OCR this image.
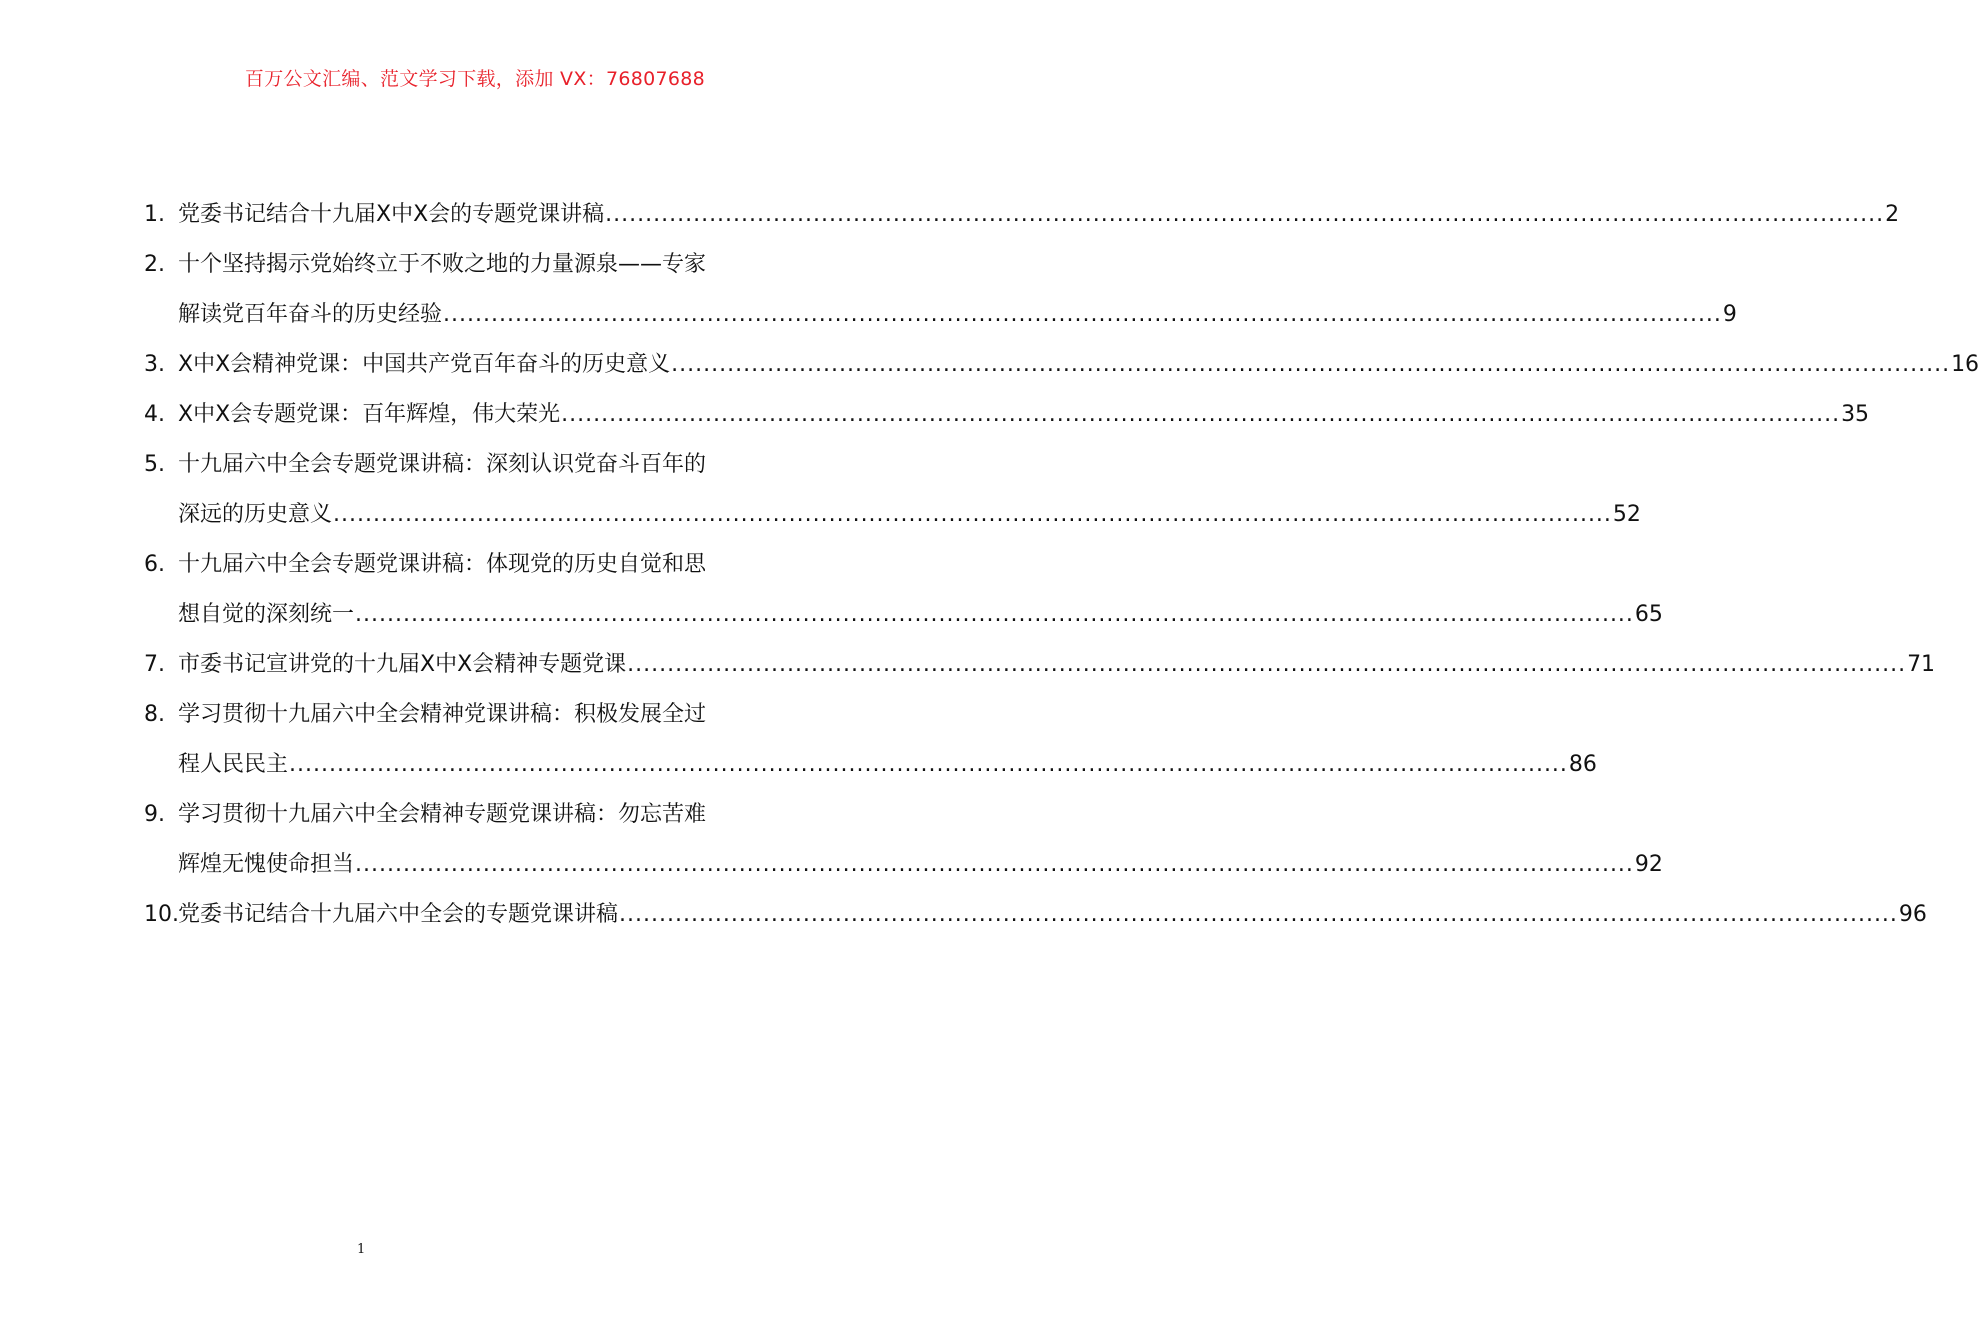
百万公文汇编、范文学习下载，添加 VX：76807688
1. 党委书记结合十九届X中X会的专题党课讲稿 .....	2
2. 十个坚持揭示党始终立于不败之地的力量源泉——专家
解读党百年奋斗的历史经验 .....	9
3. X中X会精神党课：中国共产党百年奋斗的历史意义 .....	16
4. X中X会专题党课：百年辉煌，伟大荣光 .....	35
5. 十九届六中全会专题党课讲稿：深刻认识党奋斗百年的
深远的历史意义 .....	52
6. 十九届六中全会专题党课讲稿：体现党的历史自觉和思
想自觉的深刻统一 .....	65
7. 市委书记宣讲党的十九届X中X会精神专题党课 .....	71
8. 学习贯彻十九届六中全会精神党课讲稿：积极发展全过
程人民民主 .....	86
9. 学习贯彻十九届六中全会精神专题党课讲稿：勿忘苦难
辉煌无愧使命担当 .....	92
10. 党委书记结合十九届六中全会的专题党课讲稿 .....	96
1
